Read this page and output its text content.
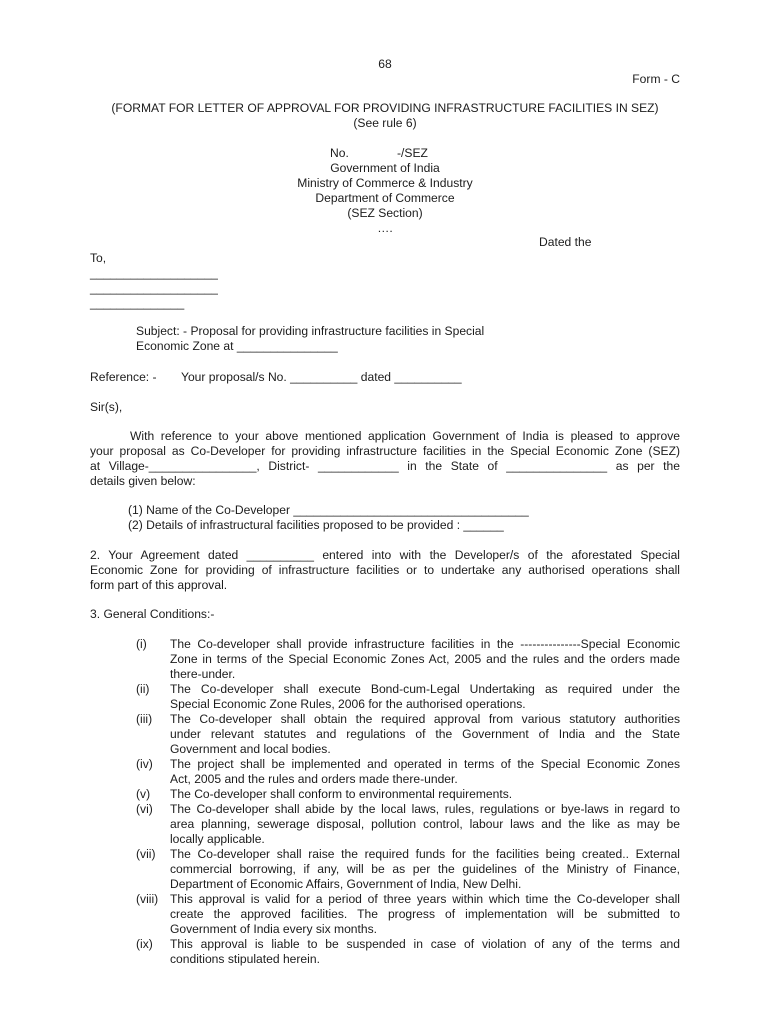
68
Form - C
(FORMAT FOR LETTER OF APPROVAL FOR PROVIDING INFRASTRUCTURE FACILITIES IN SEZ)
(See rule 6)
No.	-/SEZ
Government of India
Ministry of Commerce & Industry
Department of Commerce
(SEZ Section)
….
Dated the
To,
___________________
___________________
______________
Subject: - Proposal for providing infrastructure facilities in Special
Economic Zone at _______________
Reference: - Your proposal/s No. __________ dated __________
Sir(s),
With reference to your above mentioned application Government of India is pleased to approve
your proposal as Co-Developer for providing infrastructure facilities in the Special Economic Zone (SEZ)
at Village-________________, District- ____________ in the State of _______________ as per the
details given below:
(1) Name of the Co-Developer ___________________________________
(2) Details of infrastructural facilities proposed to be provided : ______
2. Your Agreement dated __________ entered into with the Developer/s of the aforestated Special
Economic Zone for providing of infrastructure facilities or to undertake any authorised operations shall
form part of this approval.
3. General Conditions:-
(i) The Co-developer shall provide infrastructure facilities in the ---------------Special Economic
Zone in terms of the Special Economic Zones Act, 2005 and the rules and the orders made
there-under.
(ii) The Co-developer shall execute Bond-cum-Legal Undertaking as required under the
Special Economic Zone Rules, 2006 for the authorised operations.
(iii) The Co-developer shall obtain the required approval from various statutory authorities
under relevant statutes and regulations of the Government of India and the State
Government and local bodies.
(iv) The project shall be implemented and operated in terms of the Special Economic Zones
Act, 2005 and the rules and orders made there-under.
(v) The Co-developer shall conform to environmental requirements.
(vi) The Co-developer shall abide by the local laws, rules, regulations or bye-laws in regard to
area planning, sewerage disposal, pollution control, labour laws and the like as may be
locally applicable.
(vii) The Co-developer shall raise the required funds for the facilities being created.. External
commercial borrowing, if any, will be as per the guidelines of the Ministry of Finance,
Department of Economic Affairs, Government of India, New Delhi.
(viii) This approval is valid for a period of three years within which time the Co-developer shall
create the approved facilities. The progress of implementation will be submitted to
Government of India every six months.
(ix) This approval is liable to be suspended in case of violation of any of the terms and
conditions stipulated herein.
